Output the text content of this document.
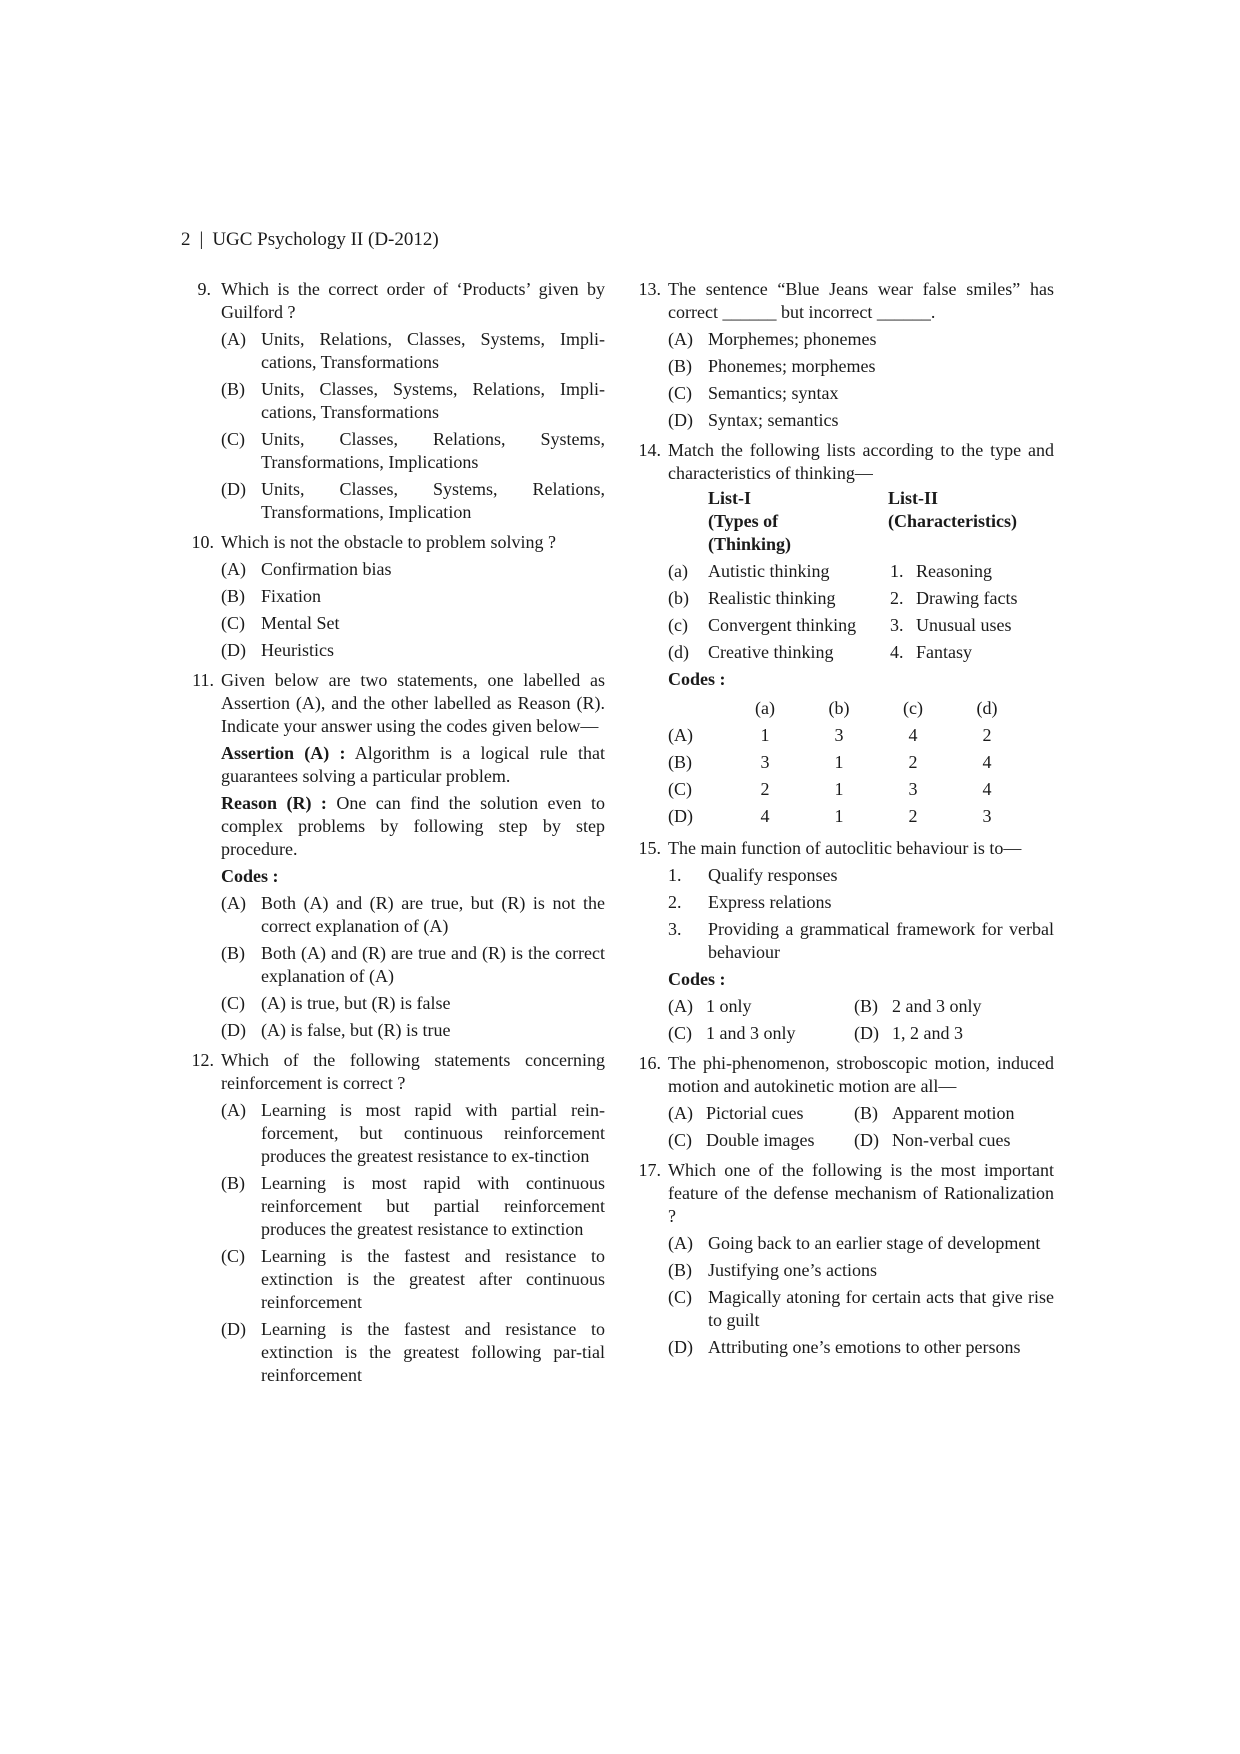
2 | UGC Psychology II (D-2012)
9. Which is the correct order of ‘Products’ given by Guilford ?
(A) Units, Relations, Classes, Systems, Impli-cations, Transformations
(B) Units, Classes, Systems, Relations, Impli-cations, Transformations
(C) Units, Classes, Relations, Systems, Transformations, Implications
(D) Units, Classes, Systems, Relations, Transformations, Implication
10. Which is not the obstacle to problem solving ?
(A) Confirmation bias
(B) Fixation
(C) Mental Set
(D) Heuristics
11. Given below are two statements, one labelled as Assertion (A), and the other labelled as Reason (R). Indicate your answer using the codes given below—
Assertion (A) : Algorithm is a logical rule that guarantees solving a particular problem.
Reason (R) : One can find the solution even to complex problems by following step by step procedure.
Codes :
(A) Both (A) and (R) are true, but (R) is not the correct explanation of (A)
(B) Both (A) and (R) are true and (R) is the correct explanation of (A)
(C) (A) is true, but (R) is false
(D) (A) is false, but (R) is true
12. Which of the following statements concerning reinforcement is correct ?
(A) Learning is most rapid with partial rein-forcement, but continuous reinforcement produces the greatest resistance to ex-tinction
(B) Learning is most rapid with continuous reinforcement but partial reinforcement produces the greatest resistance to extinction
(C) Learning is the fastest and resistance to extinction is the greatest after continuous reinforcement
(D) Learning is the fastest and resistance to extinction is the greatest following par-tial reinforcement
13. The sentence “Blue Jeans wear false smiles” has correct ______ but incorrect ______.
(A) Morphemes; phonemes
(B) Phonemes; morphemes
(C) Semantics; syntax
(D) Syntax; semantics
14. Match the following lists according to the type and characteristics of thinking—
List-I	List-II
(Types of	(Characteristics)
(Thinking)
(a)	Autistic thinking	1. Reasoning
(b)	Realistic thinking	2. Drawing facts
(c)	Convergent thinking	3. Unusual uses
(d)	Creative thinking	4. Fantasy
Codes :
	(a)	(b)	(c)	(d)
(A)	1	3	4	2
(B)	3	1	2	4
(C)	2	1	3	4
(D)	4	1	2	3
15. The main function of autoclitic behaviour is to—
1. Qualify responses
2. Express relations
3. Providing a grammatical framework for verbal behaviour
Codes :
(A) 1 only	(B) 2 and 3 only
(C) 1 and 3 only	(D) 1, 2 and 3
16. The phi-phenomenon, stroboscopic motion, induced motion and autokinetic motion are all—
(A) Pictorial cues	(B) Apparent motion
(C) Double images	(D) Non-verbal cues
17. Which one of the following is the most important feature of the defense mechanism of Rationalization ?
(A) Going back to an earlier stage of development
(B) Justifying one’s actions
(C) Magically atoning for certain acts that give rise to guilt
(D) Attributing one’s emotions to other persons
